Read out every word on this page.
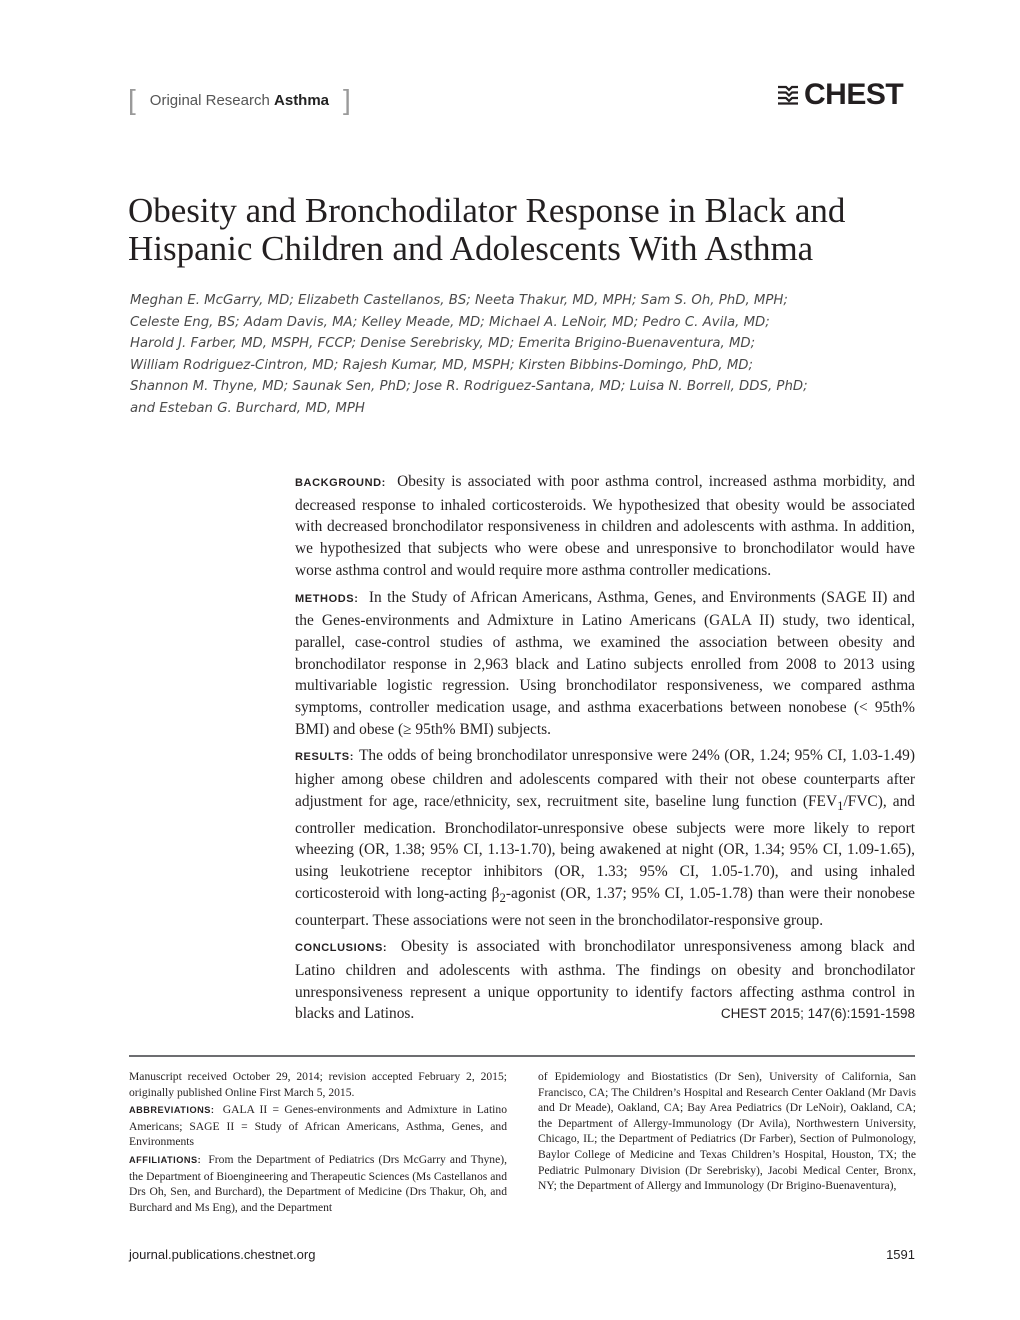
[ Original Research Asthma ]	CHEST
Obesity and Bronchodilator Response in Black and
Hispanic Children and Adolescents With Asthma
Meghan E. McGarry, MD; Elizabeth Castellanos, BS; Neeta Thakur, MD, MPH; Sam S. Oh, PhD, MPH;
Celeste Eng, BS; Adam Davis, MA; Kelley Meade, MD; Michael A. LeNoir, MD; Pedro C. Avila, MD;
Harold J. Farber, MD, MSPH, FCCP; Denise Serebrisky, MD; Emerita Brigino-Buenaventura, MD;
William Rodriguez-Cintron, MD; Rajesh Kumar, MD, MSPH; Kirsten Bibbins-Domingo, PhD, MD;
Shannon M. Thyne, MD; Saunak Sen, PhD; Jose R. Rodriguez-Santana, MD; Luisa N. Borrell, DDS, PhD;
and Esteban G. Burchard, MD, MPH

BACKGROUND: Obesity is associated with poor asthma control, increased asthma morbidity, and decreased response to inhaled corticosteroids. We hypothesized that obesity would be associated with decreased bronchodilator responsiveness in children and adolescents with asthma. In addition, we hypothesized that subjects who were obese and unresponsive to bronchodilator would have worse asthma control and would require more asthma controller medications.

METHODS: In the Study of African Americans, Asthma, Genes, and Environments (SAGE II) and the Genes-environments and Admixture in Latino Americans (GALA II) study, two identical, parallel, case-control studies of asthma, we examined the association between obesity and bronchodilator response in 2,963 black and Latino subjects enrolled from 2008 to 2013 using multivariable logistic regression. Using bronchodilator responsiveness, we compared asthma symptoms, controller medication usage, and asthma exacerbations between nonobese (< 95th% BMI) and obese (≥ 95th% BMI) subjects.

RESULTS: The odds of being bronchodilator unresponsive were 24% (OR, 1.24; 95% CI, 1.03-1.49) higher among obese children and adolescents compared with their not obese counterparts after adjustment for age, race/ethnicity, sex, recruitment site, baseline lung function $(FEV_1/FVC)$, and controller medication. Bronchodilator-unresponsive obese subjects were more likely to report wheezing (OR, 1.38; 95% CI, 1.13-1.70), being awakened at night (OR, 1.34; 95% CI, 1.09-1.65), using leukotriene receptor inhibitors (OR, 1.33; 95% CI, 1.05-1.70), and using inhaled corticosteroid with long-acting $\beta_2$-agonist (OR, 1.37; 95% CI, 1.05-1.78) than were their nonobese counterpart. These associations were not seen in the bronchodilator-responsive group.

CONCLUSIONS: Obesity is associated with bronchodilator unresponsiveness among black and Latino children and adolescents with asthma. The findings on obesity and bronchodilator unresponsiveness represent a unique opportunity to identify factors affecting asthma control in blacks and Latinos.	CHEST 2015; 147(6):1591-1598

Manuscript received October 29, 2014; revision accepted February 2, 2015; originally published Online First March 5, 2015.

ABBREVIATIONS: GALA II = Genes-environments and Admixture in Latino Americans; SAGE II = Study of African Americans, Asthma, Genes, and Environments

AFFILIATIONS: From the Department of Pediatrics (Drs McGarry and Thyne), the Department of Bioengineering and Therapeutic Sciences (Ms Castellanos and Drs Oh, Sen, and Burchard), the Department of Medicine (Drs Thakur, Oh, and Burchard and Ms Eng), and the Department

of Epidemiology and Biostatistics (Dr Sen), University of California, San Francisco, CA; The Children’s Hospital and Research Center Oakland (Mr Davis and Dr Meade), Oakland, CA; Bay Area Pediatrics (Dr LeNoir), Oakland, CA; the Department of Allergy-Immunology (Dr Avila), Northwestern University, Chicago, IL; the Department of Pediatrics (Dr Farber), Section of Pulmonology, Baylor College of Medicine and Texas Children’s Hospital, Houston, TX; the Pediatric Pulmonary Division (Dr Serebrisky), Jacobi Medical Center, Bronx, NY; the Department of Allergy and Immunology (Dr Brigino-Buenaventura),

journal.publications.chestnet.org	1591
